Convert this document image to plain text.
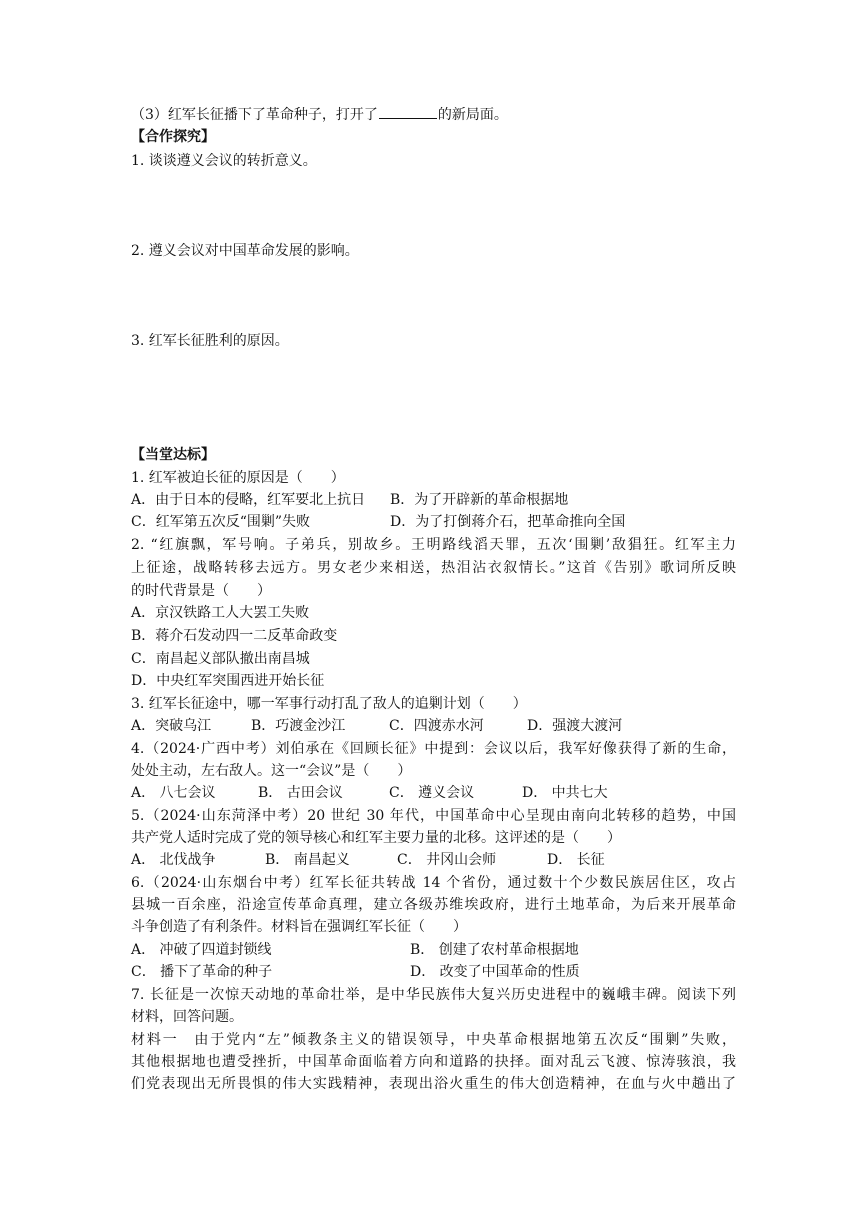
（3）红军长征播下了革命种子，打开了	的新局面。
【合作探究】
1. 谈谈遵义会议的转折意义。
2. 遵义会议对中国革命发展的影响。
3. 红军长征胜利的原因。
【当堂达标】
1. 红军被迫长征的原因是（　　）
A．由于日本的侵略，红军要北上抗日 B．为了开辟新的革命根据地
C．红军第五次反“围剿”失败	D．为了打倒蒋介石，把革命推向全国
2. “红旗飘，军号响。子弟兵，别故乡。王明路线滔天罪，五次‘围剿’敌猖狂。红军主力
上征途，战略转移去远方。男女老少来相送，热泪沾衣叙情长。”这首《告别》歌词所反映
的时代背景是（　　）
A．京汉铁路工人大罢工失败
B．蒋介石发动四一二反革命政变
C．南昌起义部队撤出南昌城
D．中央红军突围西进开始长征
3. 红军长征途中，哪一军事行动打乱了敌人的追剿计划（　　）
A．突破乌江	B．巧渡金沙江	C．四渡赤水河	D．强渡大渡河
4.（2024·广西中考）刘伯承在《回顾长征》中提到：会议以后，我军好像获得了新的生命，
处处主动，左右敌人。这一“会议”是（　　）
A． 八七会议	B． 古田会议	C． 遵义会议	D． 中共七大
5.（2024·山东菏泽中考）20 世纪 30 年代，中国革命中心呈现由南向北转移的趋势，中国
共产党人适时完成了党的领导核心和红军主要力量的北移。这评述的是（　　）
A． 北伐战争	B． 南昌起义	C． 井冈山会师	D． 长征
6.（2024·山东烟台中考）红军长征共转战 14 个省份，通过数十个少数民族居住区，攻占
县城一百余座，沿途宣传革命真理，建立各级苏维埃政府，进行土地革命，为后来开展革命
斗争创造了有利条件。材料旨在强调红军长征（　　）
A． 冲破了四道封锁线	B． 创建了农村革命根据地
C． 播下了革命的种子	D． 改变了中国革命的性质
7. 长征是一次惊天动地的革命壮举，是中华民族伟大复兴历史进程中的巍峨丰碑。阅读下列
材料，回答问题。
材料一　由于党内“左”倾教条主义的错误领导，中央革命根据地第五次反“围剿”失败，
其他根据地也遭受挫折，中国革命面临着方向和道路的抉择。面对乱云飞渡、惊涛骇浪，我
们党表现出无所畏惧的伟大实践精神，表现出浴火重生的伟大创造精神，在血与火中趟出了
